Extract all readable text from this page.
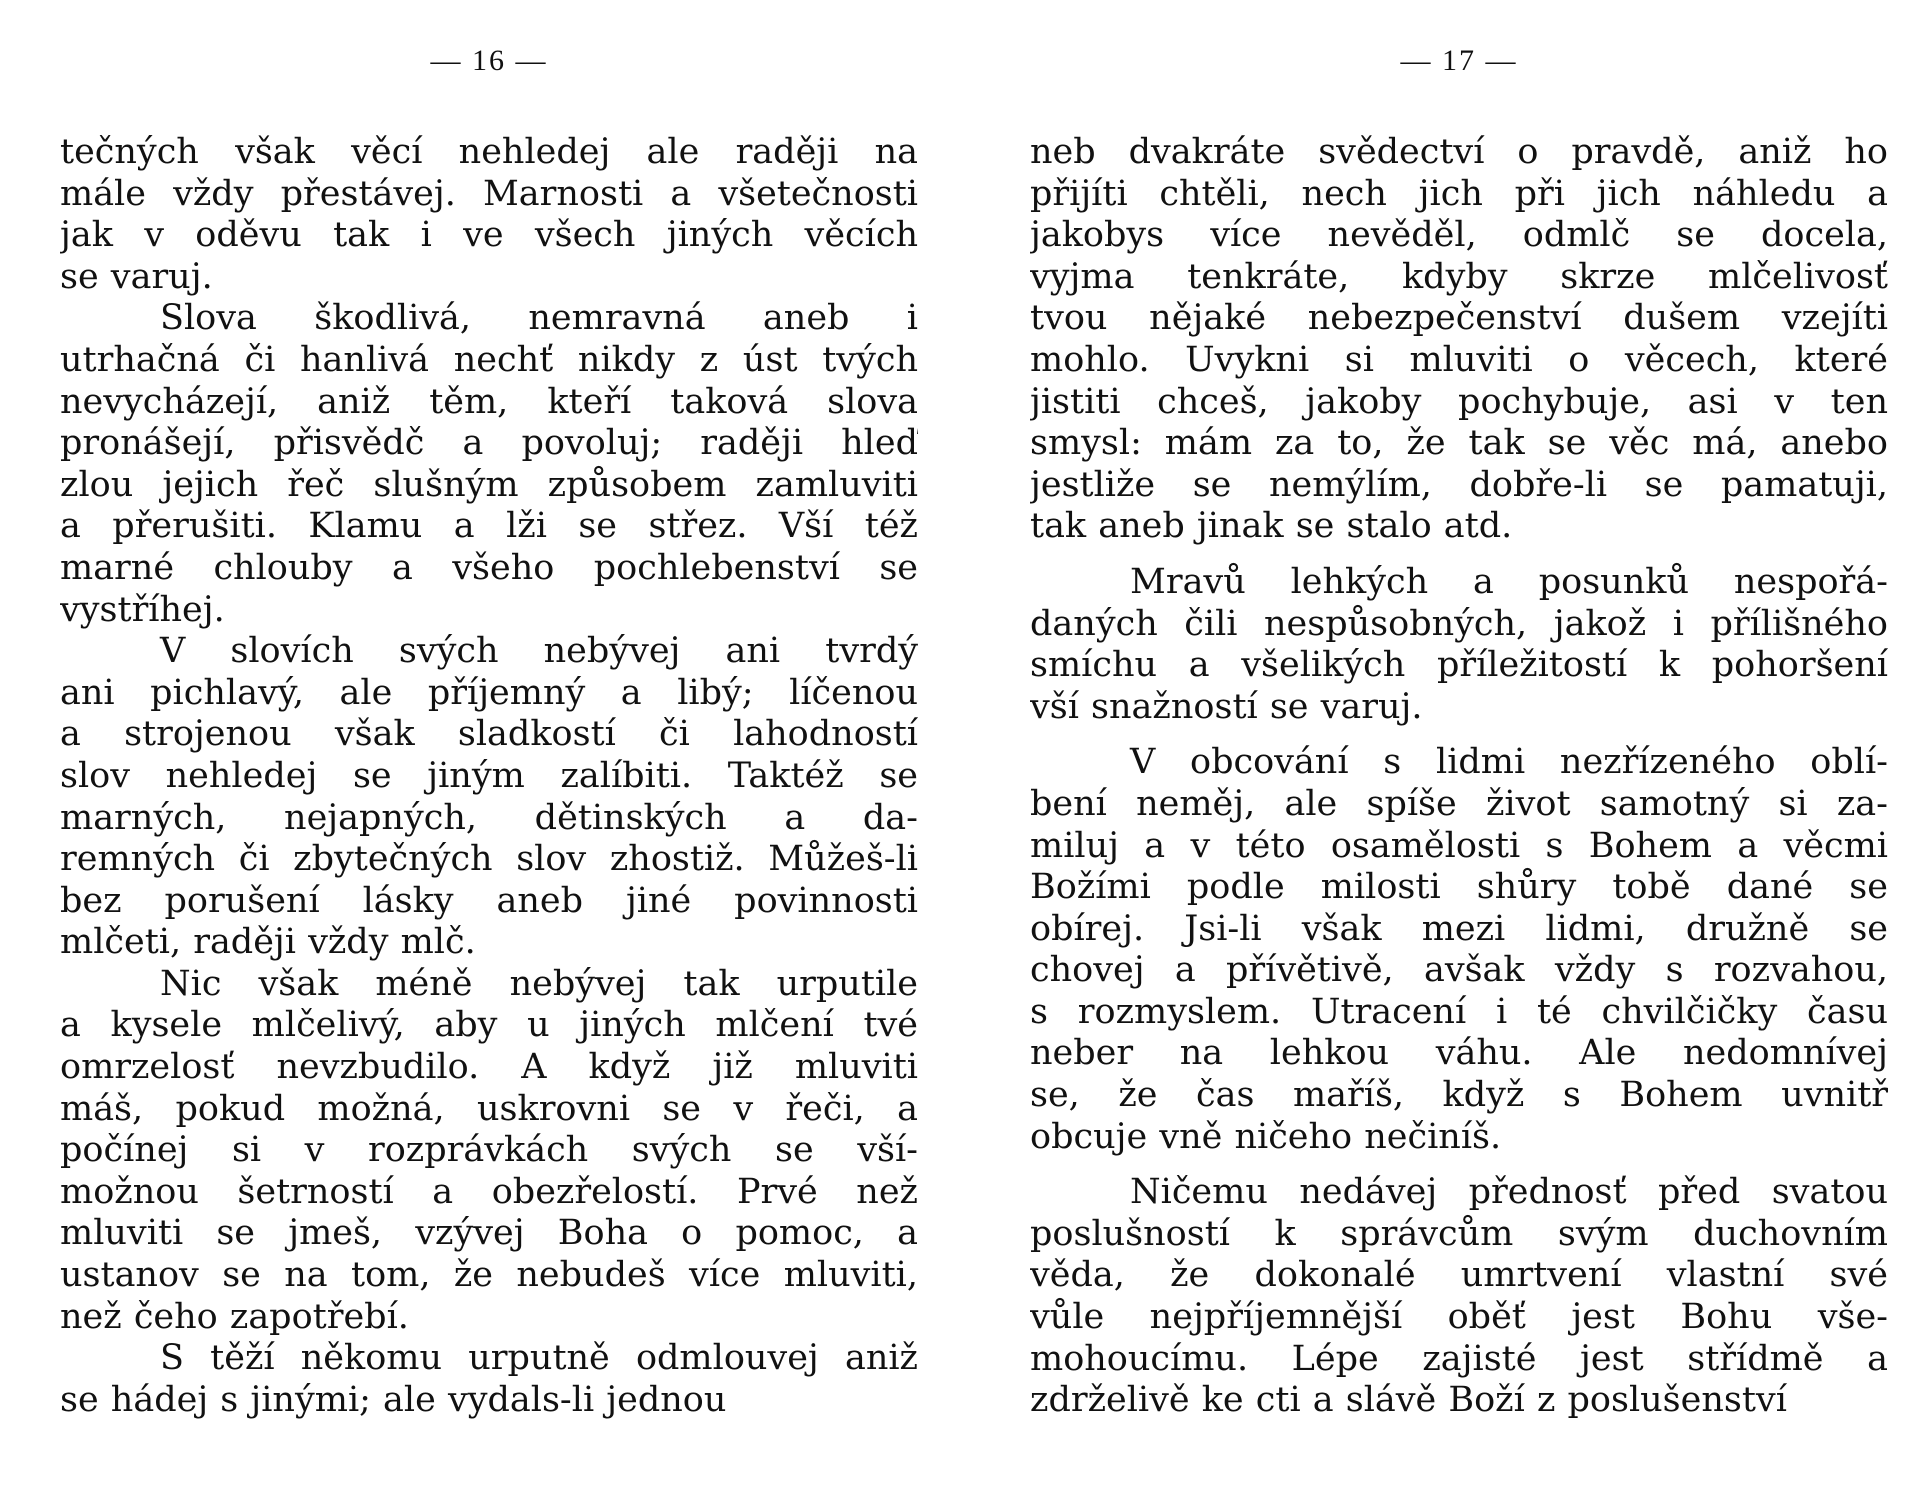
— 16 —
tečných však věcí nehledej ale raději na
mále vždy přestávej. Marnosti a všetečnosti
jak v oděvu tak i ve všech jiných věcích
se varuj.
Slova škodlivá, nemravná aneb i
utrhačná či hanlivá nechť nikdy z úst tvých
nevycházejí, aniž těm, kteří taková slova
pronášejí, přisvědč a povoluj; raději hleď
zlou jejich řeč slušným způsobem zamluviti
a přerušiti. Klamu a lži se střez. Vší též
marné chlouby a všeho pochlebenství se
vystříhej.
V slovích svých nebývej ani tvrdý
ani pichlavý, ale příjemný a libý; líčenou
a strojenou však sladkostí či lahodností
slov nehledej se jiným zalíbiti. Taktéž se
marných, nejapných, dětinských a da-
remných či zbytečných slov zhostiž. Můžeš-li
bez porušení lásky aneb jiné povinnosti
mlčeti, raději vždy mlč.
Nic však méně nebývej tak urputile
a kysele mlčelivý, aby u jiných mlčení tvé
omrzelosť nevzbudilo. A když již mluviti
máš, pokud možná, uskrovni se v řeči, a
počínej si v rozprávkách svých se vší-
možnou šetrností a obezřelostí. Prvé než
mluviti se jmeš, vzývej Boha o pomoc, a
ustanov se na tom, že nebudeš více mluviti,
než čeho zapotřebí.
S těží někomu urputně odmlouvej aniž
se hádej s jinými; ale vydals-li jednou
— 17 —
neb dvakráte svědectví o pravdě, aniž ho
přijíti chtěli, nech jich při jich náhledu a
jakobys více nevěděl, odmlč se docela,
vyjma tenkráte, kdyby skrze mlčelivosť
tvou nějaké nebezpečenství dušem vzejíti
mohlo. Uvykni si mluviti o věcech, které
jistiti chceš, jakoby pochybuje, asi v ten
smysl: mám za to, že tak se věc má, anebo
jestliže se nemýlím, dobře-li se pamatuji,
tak aneb jinak se stalo atd.
Mravů lehkých a posunků nespořá-
daných čili nespůsobných, jakož i přílišného
smíchu a všelikých příležitostí k pohoršení
vší snažností se varuj.
V obcování s lidmi nezřízeného oblí-
bení neměj, ale spíše život samotný si za-
miluj a v této osamělosti s Bohem a věcmi
Božími podle milosti shůry tobě dané se
obírej. Jsi-li však mezi lidmi, družně se
chovej a přívětivě, avšak vždy s rozvahou,
s rozmyslem. Utracení i té chvilčičky času
neber na lehkou váhu. Ale nedomnívej
se, že čas maříš, když s Bohem uvnitř
obcuje vně ničeho nečiníš.
Ničemu nedávej přednosť před svatou
poslušností k správcům svým duchovním
věda, že dokonalé umrtvení vlastní své
vůle nejpříjemnější oběť jest Bohu vše-
mohoucímu. Lépe zajisté jest střídmě a
zdrželivě ke cti a slávě Boží z poslušenství
